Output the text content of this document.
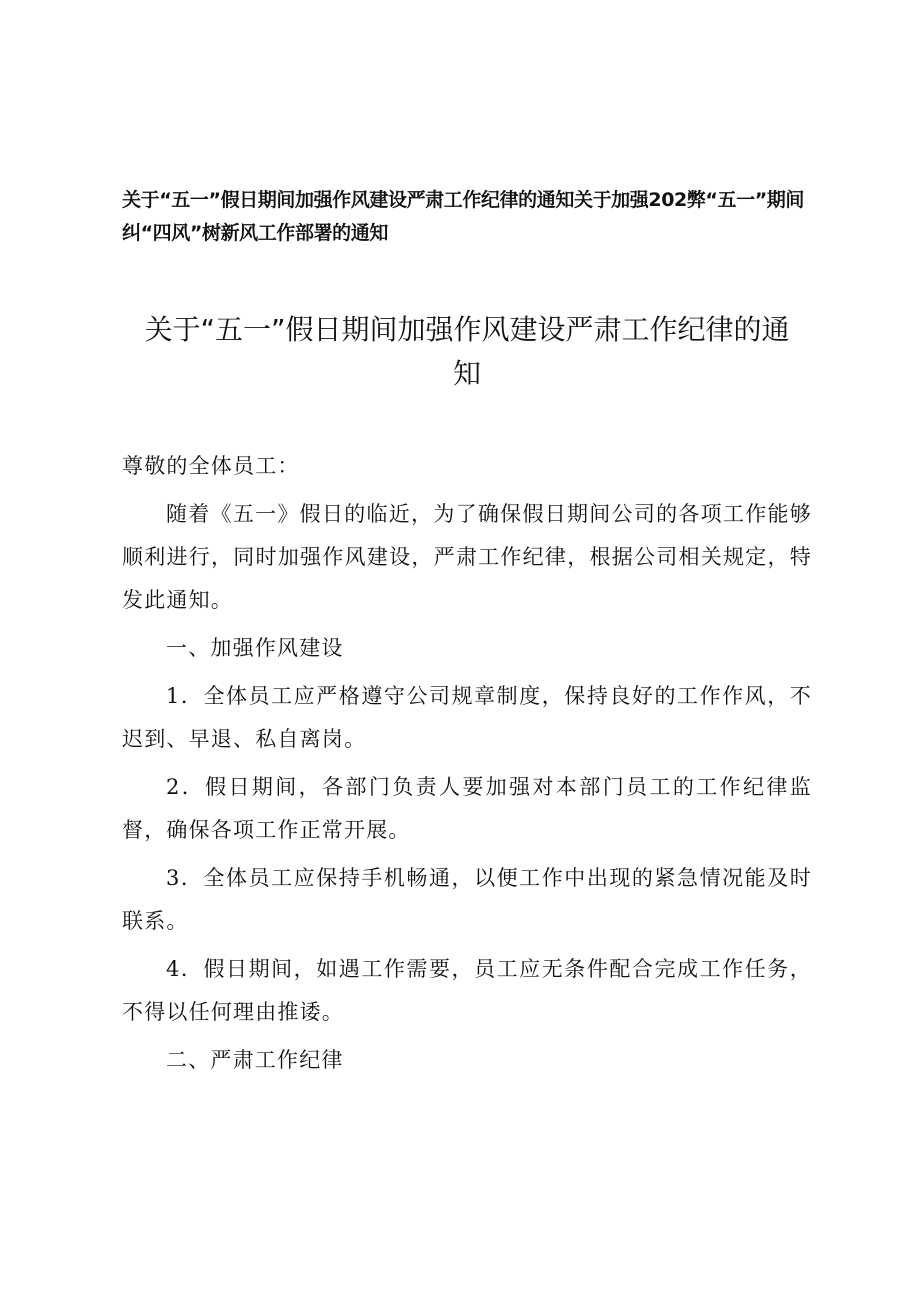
关于“五一”假日期间加强作风建设严肃工作纪律的通知关于加强202弊“五一”期间纠“四风”树新风工作部署的通知

关于“五一”假日期间加强作风建设严肃工作纪律的通
知

尊敬的全体员工：

随着《五一》假日的临近，为了确保假日期间公司的各项工作能够顺利进行，同时加强作风建设，严肃工作纪律，根据公司相关规定，特发此通知。

一、加强作风建设

1．全体员工应严格遵守公司规章制度，保持良好的工作作风，不迟到、早退、私自离岗。

2．假日期间，各部门负责人要加强对本部门员工的工作纪律监督，确保各项工作正常开展。

3．全体员工应保持手机畅通，以便工作中出现的紧急情况能及时联系。

4．假日期间，如遇工作需要，员工应无条件配合完成工作任务，不得以任何理由推诿。

二、严肃工作纪律
